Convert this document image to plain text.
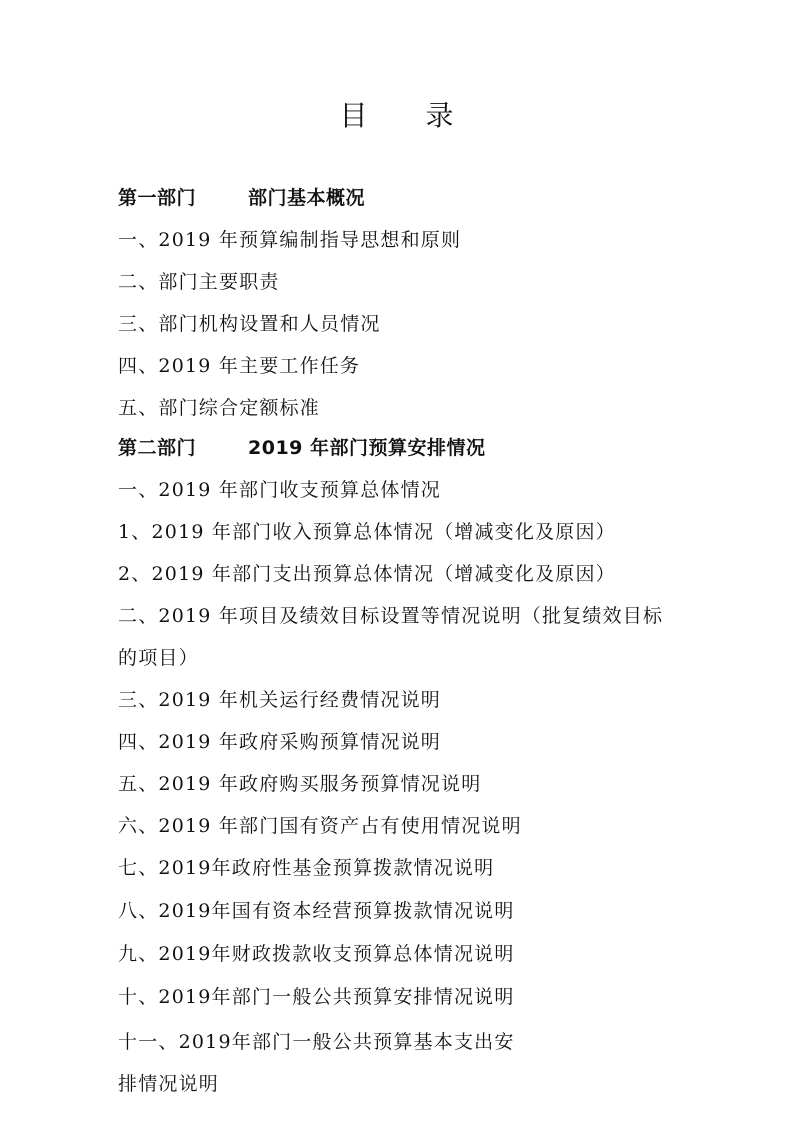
目 录
第一部门	部门基本概况
一、2019 年预算编制指导思想和原则
二、部门主要职责
三、部门机构设置和人员情况
四、2019 年主要工作任务
五、部门综合定额标准
第二部门	2019 年部门预算安排情况
一、2019 年部门收支预算总体情况
1、2019 年部门收入预算总体情况（增减变化及原因）
2、2019 年部门支出预算总体情况（增减变化及原因）
二、2019 年项目及绩效目标设置等情况说明（批复绩效目标
的项目）
三、2019 年机关运行经费情况说明
四、2019 年政府采购预算情况说明
五、2019 年政府购买服务预算情况说明
六、2019 年部门国有资产占有使用情况说明
七、2019年政府性基金预算拨款情况说明
八、2019年国有资本经营预算拨款情况说明
九、2019年财政拨款收支预算总体情况说明
十、2019年部门一般公共预算安排情况说明
十一、2019年部门一般公共预算基本支出安
排情况说明
